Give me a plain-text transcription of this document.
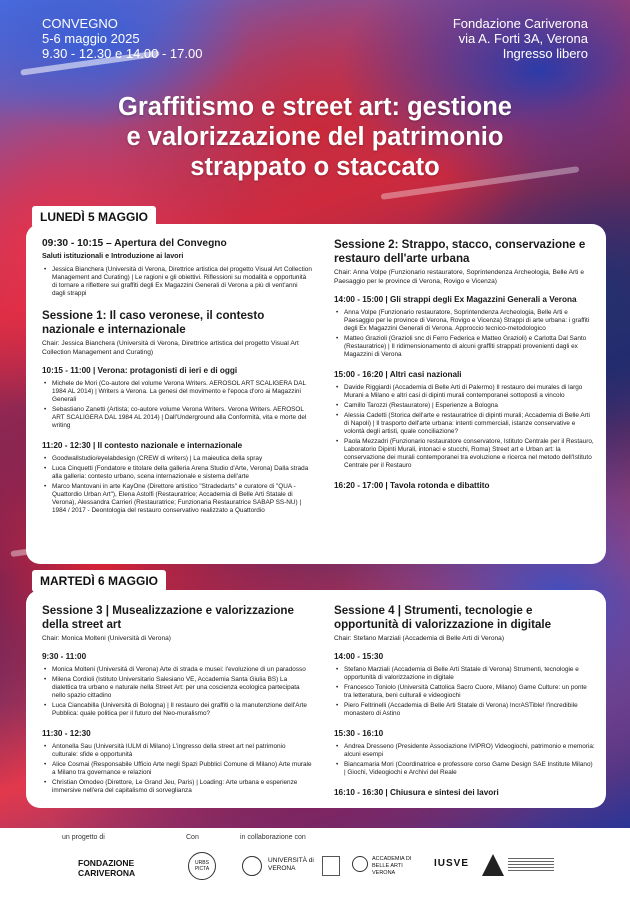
CONVEGNO
5-6 maggio 2025
9.30 - 12.30 e 14.00 - 17.00
Fondazione Cariverona
via A. Forti 3A, Verona
Ingresso libero
Graffitismo e street art: gestione
e valorizzazione del patrimonio
strappato o staccato
LUNEDÌ 5 MAGGIO
09:30 - 10:15 – Apertura del Convegno
Saluti istituzionali e Introduzione ai lavori
• Jessica Bianchera (Università di Verona, Direttrice artistica del progetto Visual Art Collection Management and Curating) | Le ragioni e gli obiettivi. Riflessioni su modalità e opportunità di tornare a riflettere sui graffiti degli Ex Magazzini Generali di Verona a più di vent'anni dagli strappi
Sessione 1: Il caso veronese, il contesto nazionale e internazionale
Chair: Jessica Bianchera (Università di Verona, Direttrice artistica del progetto Visual Art Collection Management and Curating)
10:15 - 11:00 | Verona: protagonisti di ieri e di oggi
• Michele de Mori (Co-autore del volume Verona Writers. AEROSOL ART SCALIGERA DAL 1984 AL 2014) | Writers a Verona. La genesi del movimento e l'epoca d'oro ai Magazzini Generali
• Sebastiano Zanetti (Artista; co-autore volume Verona Writers. Verona Writers. AEROSOL ART SCALIGERA DAL 1984 AL 2014) | Dall'Underground alla Conformità, vita e morte del writing
11:20 - 12:30 | Il contesto nazionale e internazionale
• Goodwallstudio/eyelabdesign (CREW di writers) | La maieutica della spray
• Luca Cinquetti (Fondatore e titolare della galleria Arena Studio d'Arte, Verona) Dalla strada alla galleria: contesto urbano, scena internazionale e sistema dell'arte
• Marco Mantovani in arte KayOne (Direttore artistico "Stradedarts" e curatore di "QUA - Quattordio Urban Art"), Elena Astolfi (Restauratrice; Accademia di Belle Arti Statale di Verona), Alessandra Carrieri (Restauratrice; Funzionaria Restauratrice SABAP SS-NU) | 1984 / 2017 - Deontologia del restauro conservativo realizzato a Quattordio
Sessione 2: Strappo, stacco, conservazione e restauro dell'arte urbana
Chair: Anna Volpe (Funzionario restauratore, Soprintendenza Archeologia, Belle Arti e Paesaggio per le province di Verona, Rovigo e Vicenza)
14:00 - 15:00 | Gli strappi degli Ex Magazzini Generali a Verona
• Anna Volpe (Funzionario restauratore, Soprintendenza Archeologia, Belle Arti e Paesaggio per le province di Verona, Rovigo e Vicenza) Strappi di arte urbana: i graffiti degli Ex Magazzini Generali di Verona. Approccio tecnico-metodologico
• Matteo Grazioli (Grazioli snc di Ferro Federica e Matteo Grazioli) e Carlotta Dal Santo (Restauratrice) | Il ridimensionamento di alcuni graffiti strappati provenienti dagli ex Magazzini di Verona
15:00 - 16:20 | Altri casi nazionali
• Davide Riggiardi (Accademia di Belle Arti di Palermo) Il restauro dei murales di largo Murani a Milano e altri casi di dipinti murali contemporanei sottoposti a vincolo
• Camillo Tarozzi (Restauratore) | Esperienze a Bologna
• Alessia Cadetti (Storica dell'arte e restauratrice di dipinti murali; Accademia di Belle Arti di Napoli) | Il trasporto dell'arte urbana: intenti commerciali, istanze conservative e volontà degli artisti, quale conciliazione?
• Paola Mezzadri (Funzionario restauratore conservatore, Istituto Centrale per il Restauro, Laboratorio Dipinti Murali, intonaci e stucchi, Roma) Street art e Urban art: la conservazione dei murali contemporanei tra evoluzione e ricerca nel metodo dell'Istituto Centrale per il Restauro
16:20 - 17:00 | Tavola rotonda e dibattito
MARTEDÌ 6 MAGGIO
Sessione 3 | Musealizzazione e valorizzazione della street art
Chair: Monica Molteni (Università di Verona)
9:30 - 11:00
• Monica Molteni (Università di Verona) Arte di strada e musei: l'evoluzione di un paradosso
• Milena Cordioli (Istituto Universitario Salesiano VE, Accademia Santa Giulia BS) La dialettica tra urbano e naturale nella Street Art: per una coscienza ecologica partecipata nello spazio cittadino
• Luca Ciancabilla (Università di Bologna) | Il restauro dei graffiti o la manutenzione dell'Arte Pubblica: quale politica per il futuro del Neo-muralismo?
11:30 - 12:30
• Antonella Sau (Università IULM di Milano) L'ingresso della street art nel patrimonio culturale: sfide e opportunità
• Alice Cosmai (Responsabile Ufficio Arte negli Spazi Pubblici Comune di Milano) Arte murale a Milano tra governance e relazioni
• Christian Omodeo (Direttore, Le Grand Jeu, Paris) | Loading: Arte urbana e esperienze immersive nell'era del capitalismo di sorveglianza
Sessione 4 | Strumenti, tecnologie e opportunità di valorizzazione in digitale
Chair: Stefano Marziali (Accademia di Belle Arti di Verona)
14:00 - 15:30
• Stefano Marziali (Accademia di Belle Arti Statale di Verona) Strumenti, tecnologie e opportunità di valorizzazione in digitale
• Francesco Toniolo (Università Cattolica Sacro Cuore, Milano) Game Culture: un ponte tra letteratura, beni culturali e videogiochi
• Piero Feltrinelli (Accademia di Belle Arti Statale di Verona) IncrASTible! l'incredibile monastero di Astino
15:30 - 16:10
• Andrea Dresseno (Presidente Associazione IVIPRO) Videogiochi, patrimonio e memoria: alcuni esempi
• Biancamaria Mori (Coordinatrice e professore corso Game Design SAE Institute Milano) | Giochi, Videogiochi e Archivi del Reale
16:10 - 16:30 | Chiusura e sintesi dei lavori
un progetto di	Con	in collaborazione con
FONDAZIONE CARIVERONA
URBS PICTA
UNIVERSITÀ di VERONA
ACCADEMIA DI BELLE ARTI VERONA
IUSVE
